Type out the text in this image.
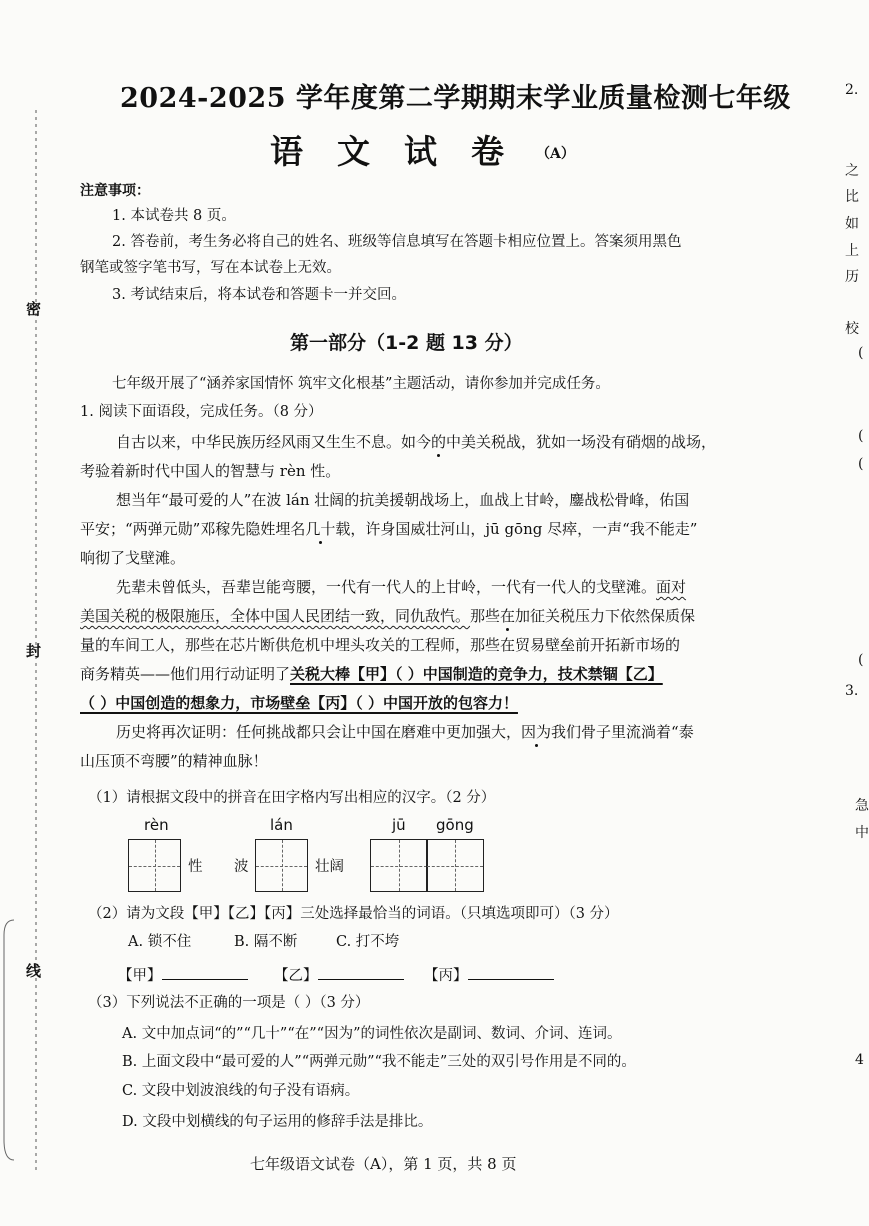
密
封
线
2024-2025 学年度第二学期期末学业质量检测七年级
语文试卷
（A）
注意事项：
1. 本试卷共 8 页。
2. 答卷前，考生务必将自己的姓名、班级等信息填写在答题卡相应位置上。答案须用黑色
钢笔或签字笔书写，写在本试卷上无效。
3. 考试结束后，将本试卷和答题卡一并交回。
第一部分（1-2 题 13 分）
七年级开展了“涵养家国情怀 筑牢文化根基”主题活动，请你参加并完成任务。
1. 阅读下面语段，完成任务。（8 分）
自古以来，中华民族历经风雨又生生不息。如今的中美关税战，犹如一场没有硝烟的战场，
考验着新时代中国人的智慧与 rèn 性。
想当年“最可爱的人”在波 lán 壮阔的抗美援朝战场上，血战上甘岭，鏖战松骨峰，佑国
平安；“两弹元勋”邓稼先隐姓埋名几十载，许身国威壮河山，jū gōng 尽瘁，一声“我不能走”
响彻了戈壁滩。
先辈未曾低头，吾辈岂能弯腰，一代有一代人的上甘岭，一代有一代人的戈壁滩。面对
美国关税的极限施压，全体中国人民团结一致，同仇敌忾。那些在加征关税压力下依然保质保
量的车间工人，那些在芯片断供危机中埋头攻关的工程师，那些在贸易壁垒前开拓新市场的
商务精英——他们用行动证明了关税大棒【甲】（ ）中国制造的竞争力，技术禁锢【乙】
（ ）中国创造的想象力，市场壁垒【丙】（ ）中国开放的包容力！
历史将再次证明：任何挑战都只会让中国在磨难中更加强大，因为我们骨子里流淌着“泰
山压顶不弯腰”的精神血脉！
（1）请根据文段中的拼音在田字格内写出相应的汉字。（2 分）
rèn	lán	jū gōng
性 波	壮阔
（2）请为文段【甲】【乙】【丙】三处选择最恰当的词语。（只填选项即可）（3 分）
A. 锁不住	B. 隔不断	C. 打不垮
【甲】	【乙】	【丙】
（3）下列说法不正确的一项是（ ）（3 分）
A. 文中加点词“的”“几十”“在”“因为”的词性依次是副词、数词、介词、连词。
B. 上面文段中“最可爱的人”“两弹元勋”“我不能走”三处的双引号作用是不同的。
C. 文段中划波浪线的句子没有语病。
D. 文段中划横线的句子运用的修辞手法是排比。
七年级语文试卷（A），第 1 页，共 8 页
2.
之
比
如
上
历
校
(
(
(
(
3.
急
中
4
